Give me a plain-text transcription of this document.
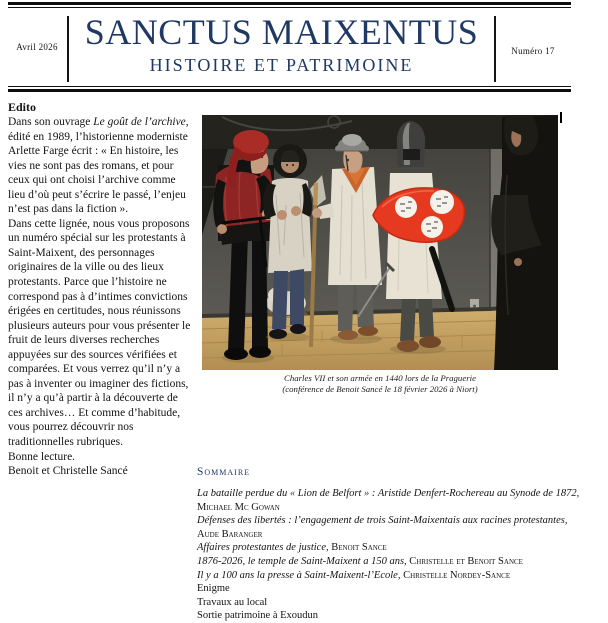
Avril 2026 SANCTUS MAIXENTUS
HISTOIRE ET PATRIMOINE
Numéro 17
Edito

Dans son ouvrage Le goût de l’archive, édité en 1989, l’historienne moderniste Arlette Farge écrit : « En histoire, les vies ne sont pas des romans, et pour ceux qui ont choisi l’archive comme lieu d’où peut s’écrire le passé, l’enjeu n’est pas dans la fiction ».

Dans cette lignée, nous vous proposons un numéro spécial sur les protestants à Saint-Maixent, des personnages originaires de la ville ou des lieux protestants. Parce que l’histoire ne correspond pas à d’intimes convictions érigées en certitudes, nous réunissons plusieurs auteurs pour vous présenter le fruit de leurs diverses recherches appuyées sur des sources vérifiées et comparées. Et vous verrez qu’il n’y a pas à inventer ou imaginer des fictions, il n’y a qu’à partir à la découverte de ces archives… Et comme d’habitude, vous pourrez découvrir nos traditionnelles rubriques.

Bonne lecture.

Benoit et Christelle Sancé

Charles VII et son armée en 1440 lors de la Praguerie
(conférence de Benoit Sancé le 18 février 2026 à Niort)
Sommaire
La bataille perdue du « Lion de Belfort » : Aristide Denfert-Rochereau au Synode de 1872, Michael Mc Gowan
Défenses des libertés : l’engagement de trois Saint-Maixentais aux racines protestantes, Aude Baranger
Affaires protestantes de justice, Benoit Sance
1876-2026, le temple de Saint-Maixent a 150 ans, Christelle et Benoit Sance
Il y a 100 ans la presse à Saint-Maixent-l’Ecole, Christelle Nordey-Sance
Enigme
Travaux au local
Sortie patrimoine à Exoudun
